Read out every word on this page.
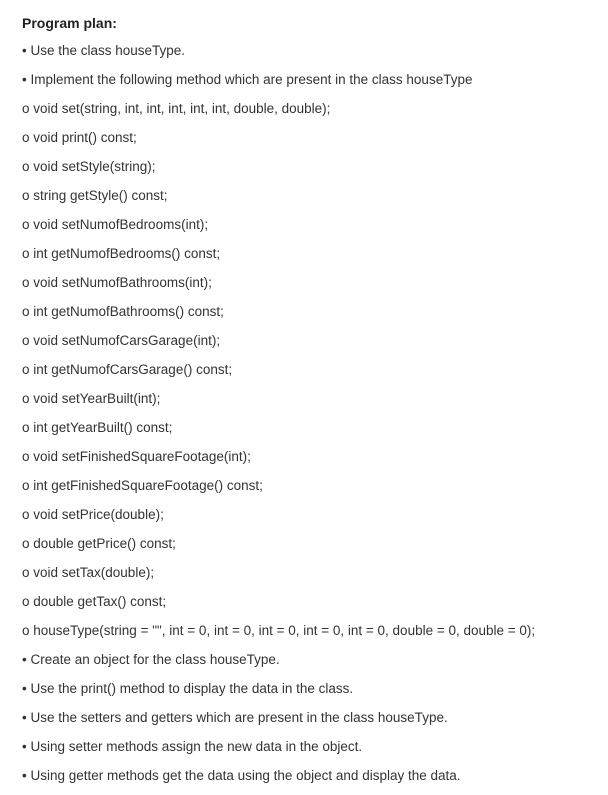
Program plan:
• Use the class houseType.
• Implement the following method which are present in the class houseType
o void set(string, int, int, int, int, int, double, double);
o void print() const;
o void setStyle(string);
o string getStyle() const;
o void setNumofBedrooms(int);
o int getNumofBedrooms() const;
o void setNumofBathrooms(int);
o int getNumofBathrooms() const;
o void setNumofCarsGarage(int);
o int getNumofCarsGarage() const;
o void setYearBuilt(int);
o int getYearBuilt() const;
o void setFinishedSquareFootage(int);
o int getFinishedSquareFootage() const;
o void setPrice(double);
o double getPrice() const;
o void setTax(double);
o double getTax() const;
o houseType(string = "", int = 0, int = 0, int = 0, int = 0, int = 0, double = 0, double = 0);
• Create an object for the class houseType.
• Use the print() method to display the data in the class.
• Use the setters and getters which are present in the class houseType.
• Using setter methods assign the new data in the object.
• Using getter methods get the data using the object and display the data.
